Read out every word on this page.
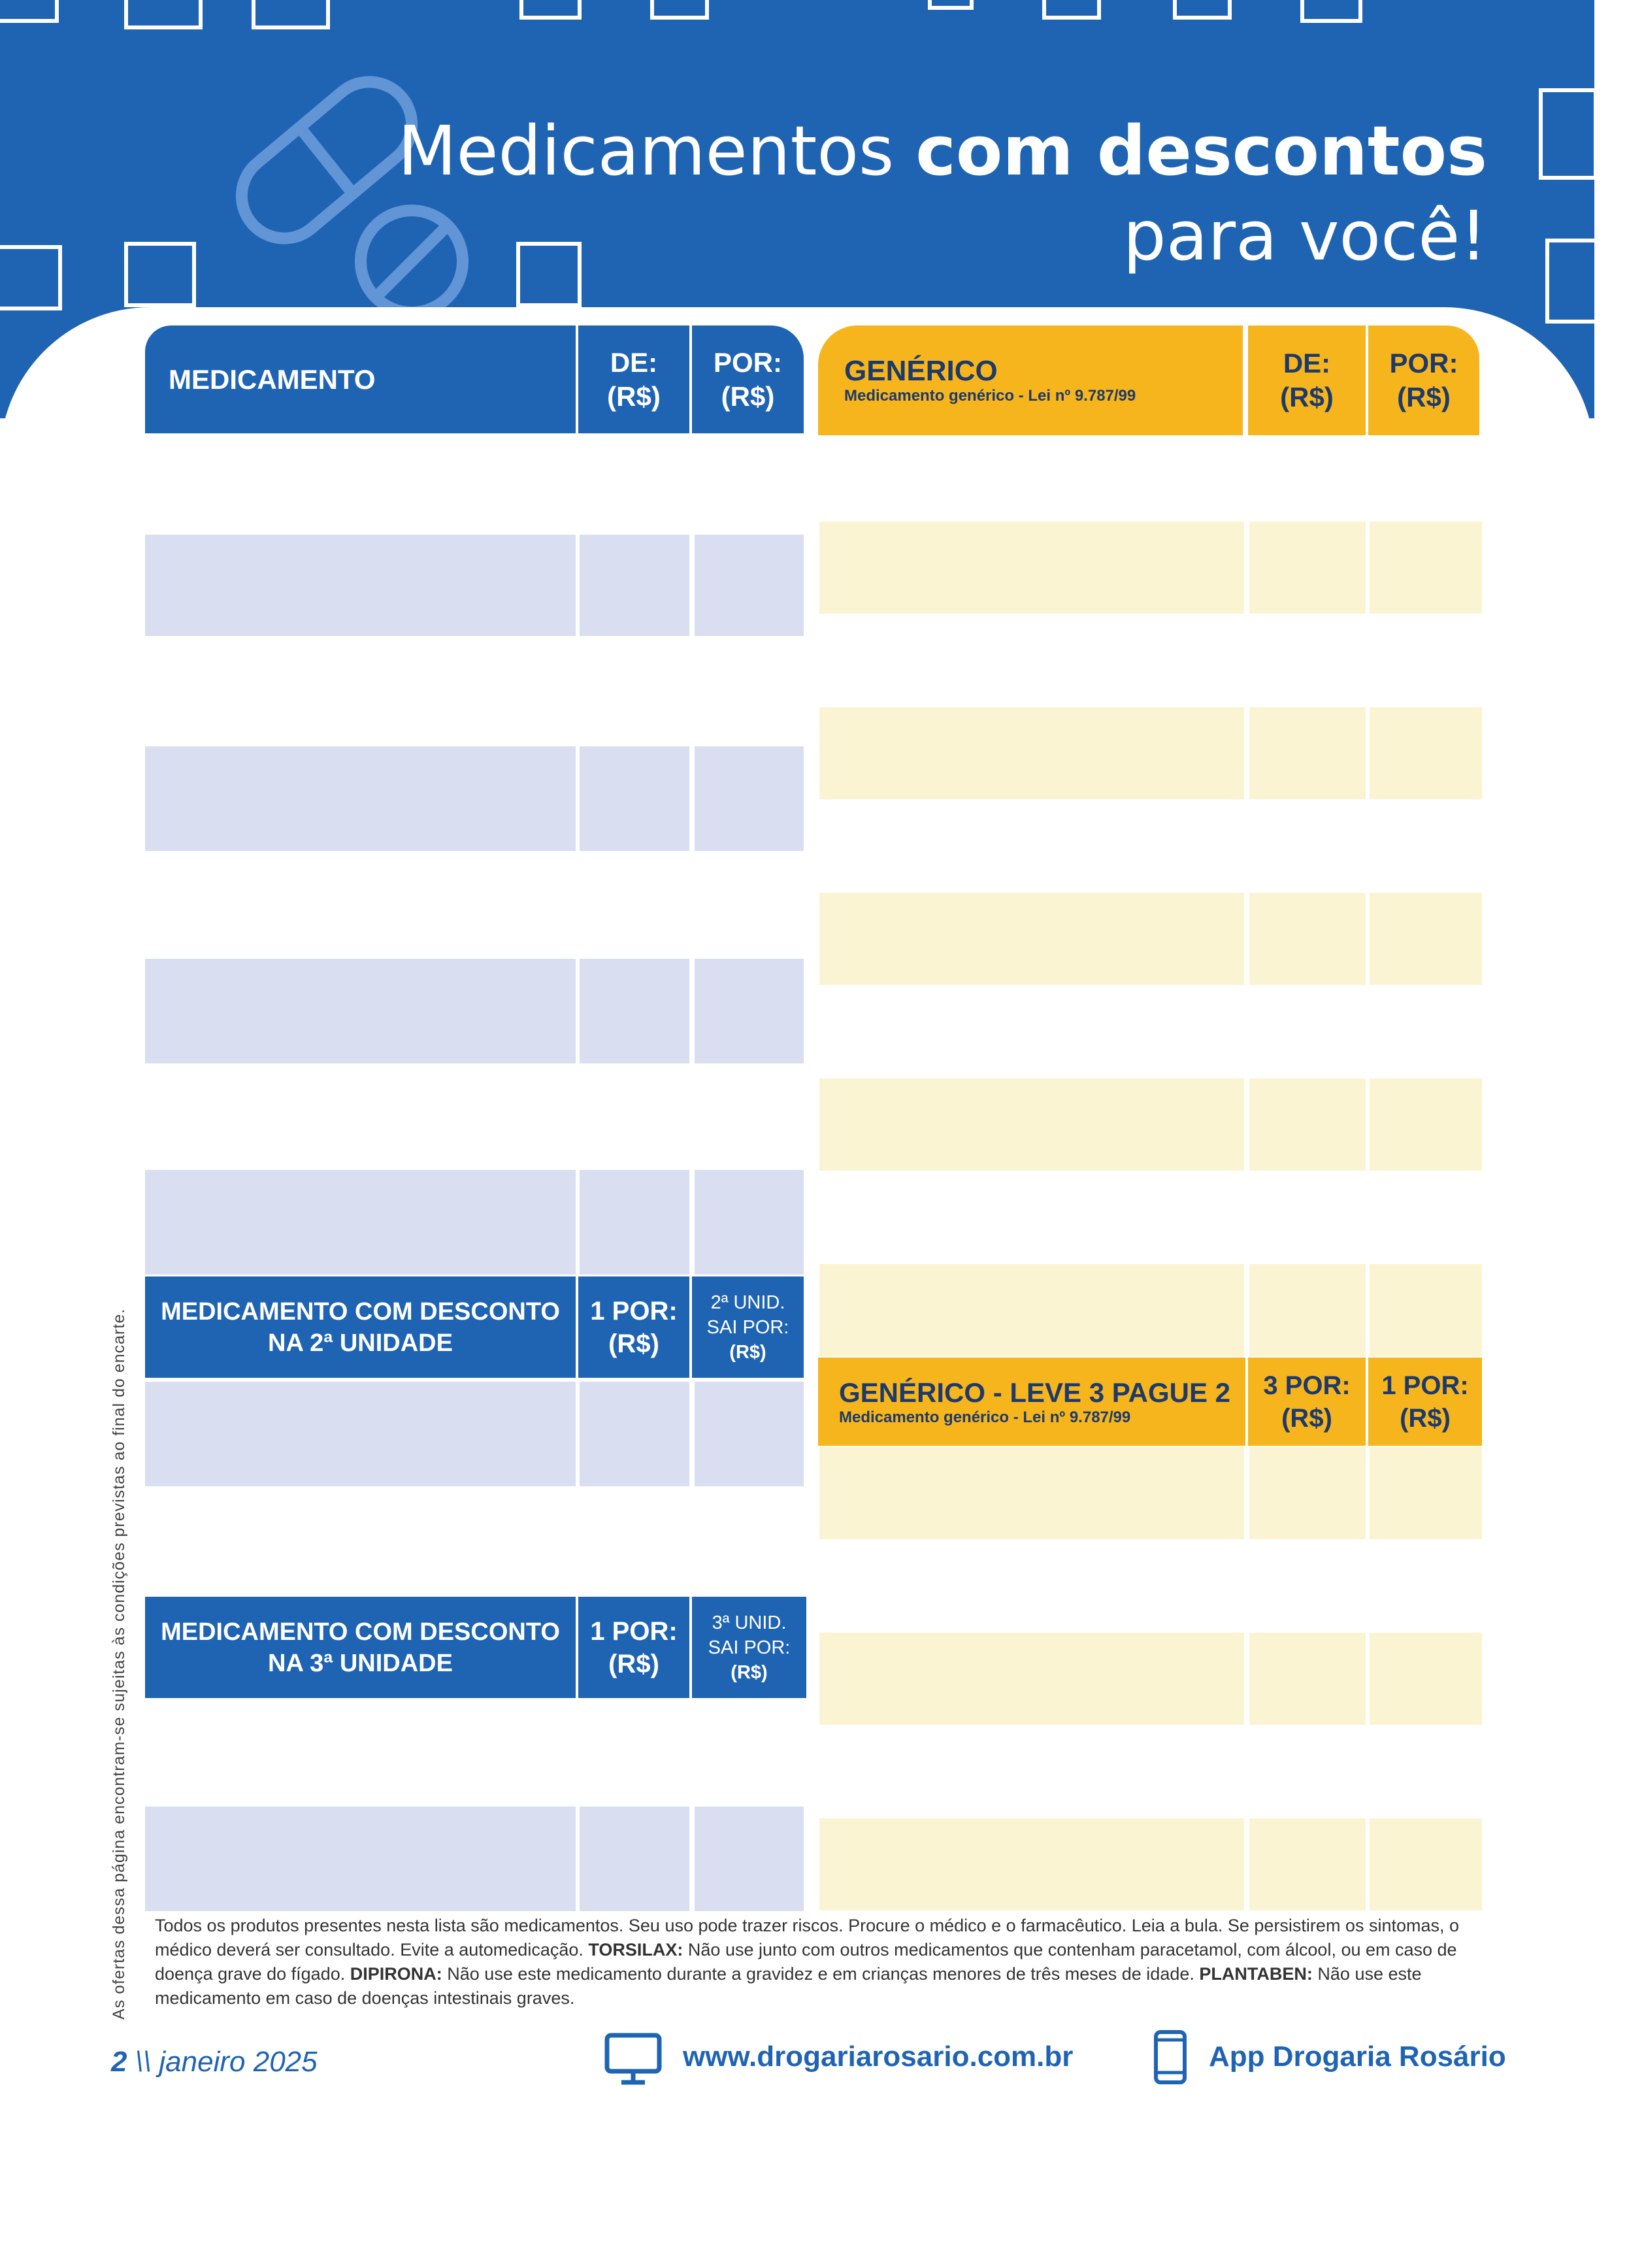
Medicamentos com descontos
para você!
MEDICAMENTO
DE:
(R$)
POR:
(R$)
GENÉRICO
Medicamento genérico - Lei nº 9.787/99
DE:
(R$)
POR:
(R$)
MEDICAMENTO COM DESCONTO
NA 2ª UNIDADE
1 POR:
(R$)
2ª UNID.
SAI POR:
(R$)
MEDICAMENTO COM DESCONTO
NA 3ª UNIDADE
1 POR:
(R$)
3ª UNID.
SAI POR:
(R$)
GENÉRICO - LEVE 3 PAGUE 2
Medicamento genérico - Lei nº 9.787/99
3 POR:
(R$)
1 POR:
(R$)
Todos os produtos presentes nesta lista são medicamentos. Seu uso pode trazer riscos. Procure o médico e o farmacêutico. Leia a bula. Se persistirem os sintomas, o médico deverá ser consultado. Evite a automedicação. TORSILAX: Não use junto com outros medicamentos que contenham paracetamol, com álcool, ou em caso de doença grave do fígado. DIPIRONA: Não use este medicamento durante a gravidez e em crianças menores de três meses de idade. PLANTABEN: Não use este medicamento em caso de doenças intestinais graves.
As ofertas dessa página encontram-se sujeitas às condições previstas ao final do encarte.
2 \\ janeiro 2025	www.drogariarosario.com.br	App Drogaria Rosário
